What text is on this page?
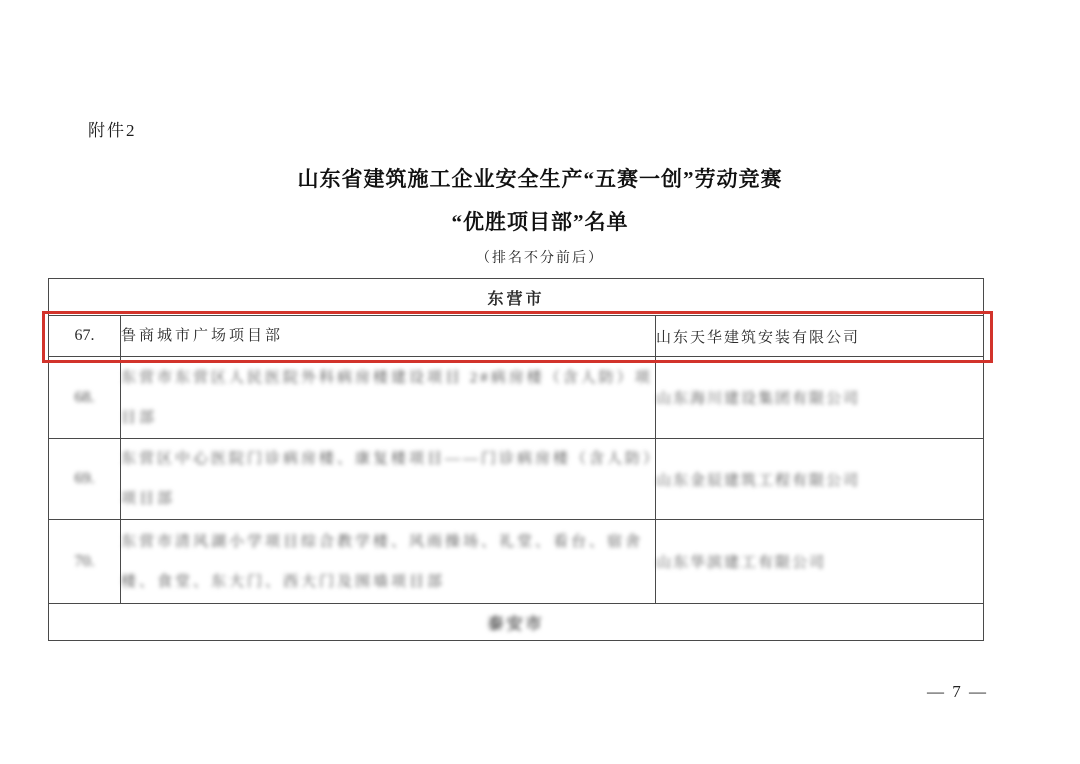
附件2
山东省建筑施工企业安全生产“五赛一创”劳动竞赛
“优胜项目部”名单
（排名不分前后）
东营市		
67.	鲁商城市广场项目部	山东天华建筑安装有限公司
68.	东营市东营区人民医院外科病房楼建设项目 2#病房楼（含人防）项目部	山东海川建设集团有限公司
69.	东营区中心医院门诊病房楼、康复楼项目——门诊病房楼（含人防）项目部	山东金辰建筑工程有限公司
70.	东营市清风湖小学项目综合教学楼、风雨操场、礼堂、看台、宿舍楼、食堂、东大门、西大门及围墙项目部	山东华滨建工有限公司
泰安市		
— 7 —
